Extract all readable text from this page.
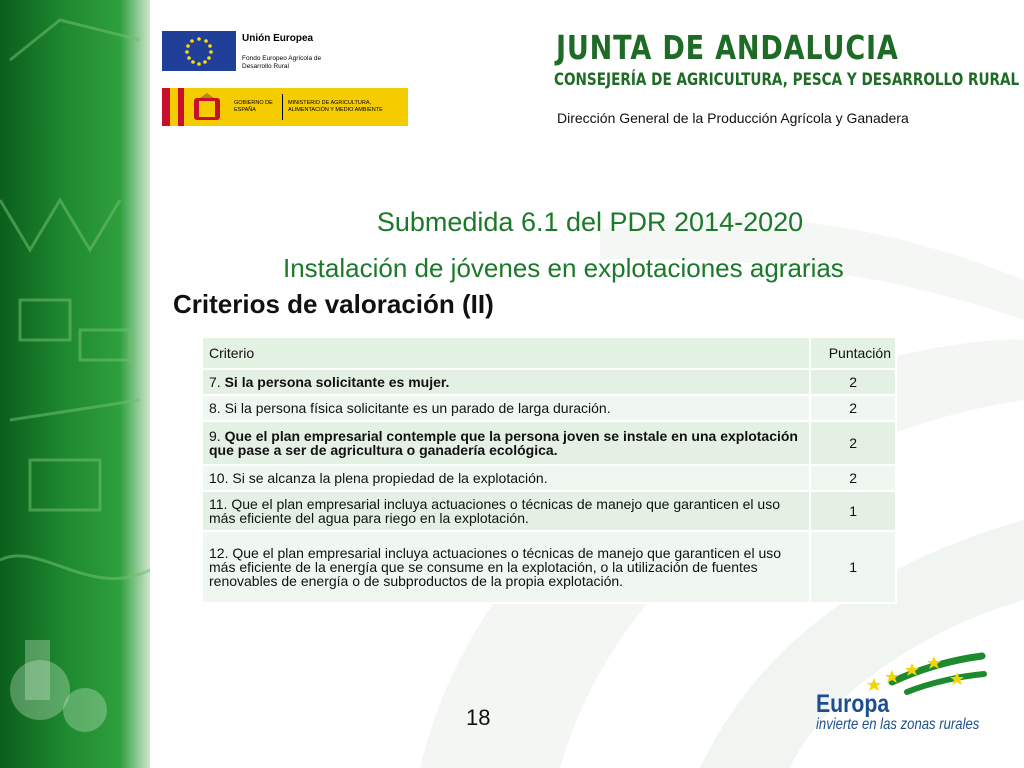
Unión Europea
Fondo Europeo Agrícola de Desarrollo Rural
GOBIERNO DE ESPAÑA
MINISTERIO DE AGRICULTURA, ALIMENTACIÓN Y MEDIO AMBIENTE
JUNTA DE ANDALUCIA
CONSEJERÍA DE AGRICULTURA, PESCA Y DESARROLLO RURAL
Dirección General de la Producción Agrícola y Ganadera
Submedida 6.1 del PDR 2014-2020
Instalación de jóvenes en explotaciones agrarias
Criterios de valoración (II)
Criterio	Puntación
7. Si la persona solicitante es mujer.	2
8. Si la persona física solicitante es un parado de larga duración.	2
9. Que el plan empresarial contemple que la persona joven se instale en una explotación que pase a ser de agricultura o ganadería ecológica.	2
10. Si se alcanza la plena propiedad de la explotación.	2
11. Que el plan empresarial incluya actuaciones o técnicas de manejo que garanticen el uso más eficiente del agua para riego en la explotación.	1
12. Que el plan empresarial incluya actuaciones o técnicas de manejo que garanticen el uso más eficiente de la energía que se consume en la explotación, o la utilización de fuentes renovables de energía o de subproductos de la propia explotación.	1
18	Europa
invierte en las zonas rurales
